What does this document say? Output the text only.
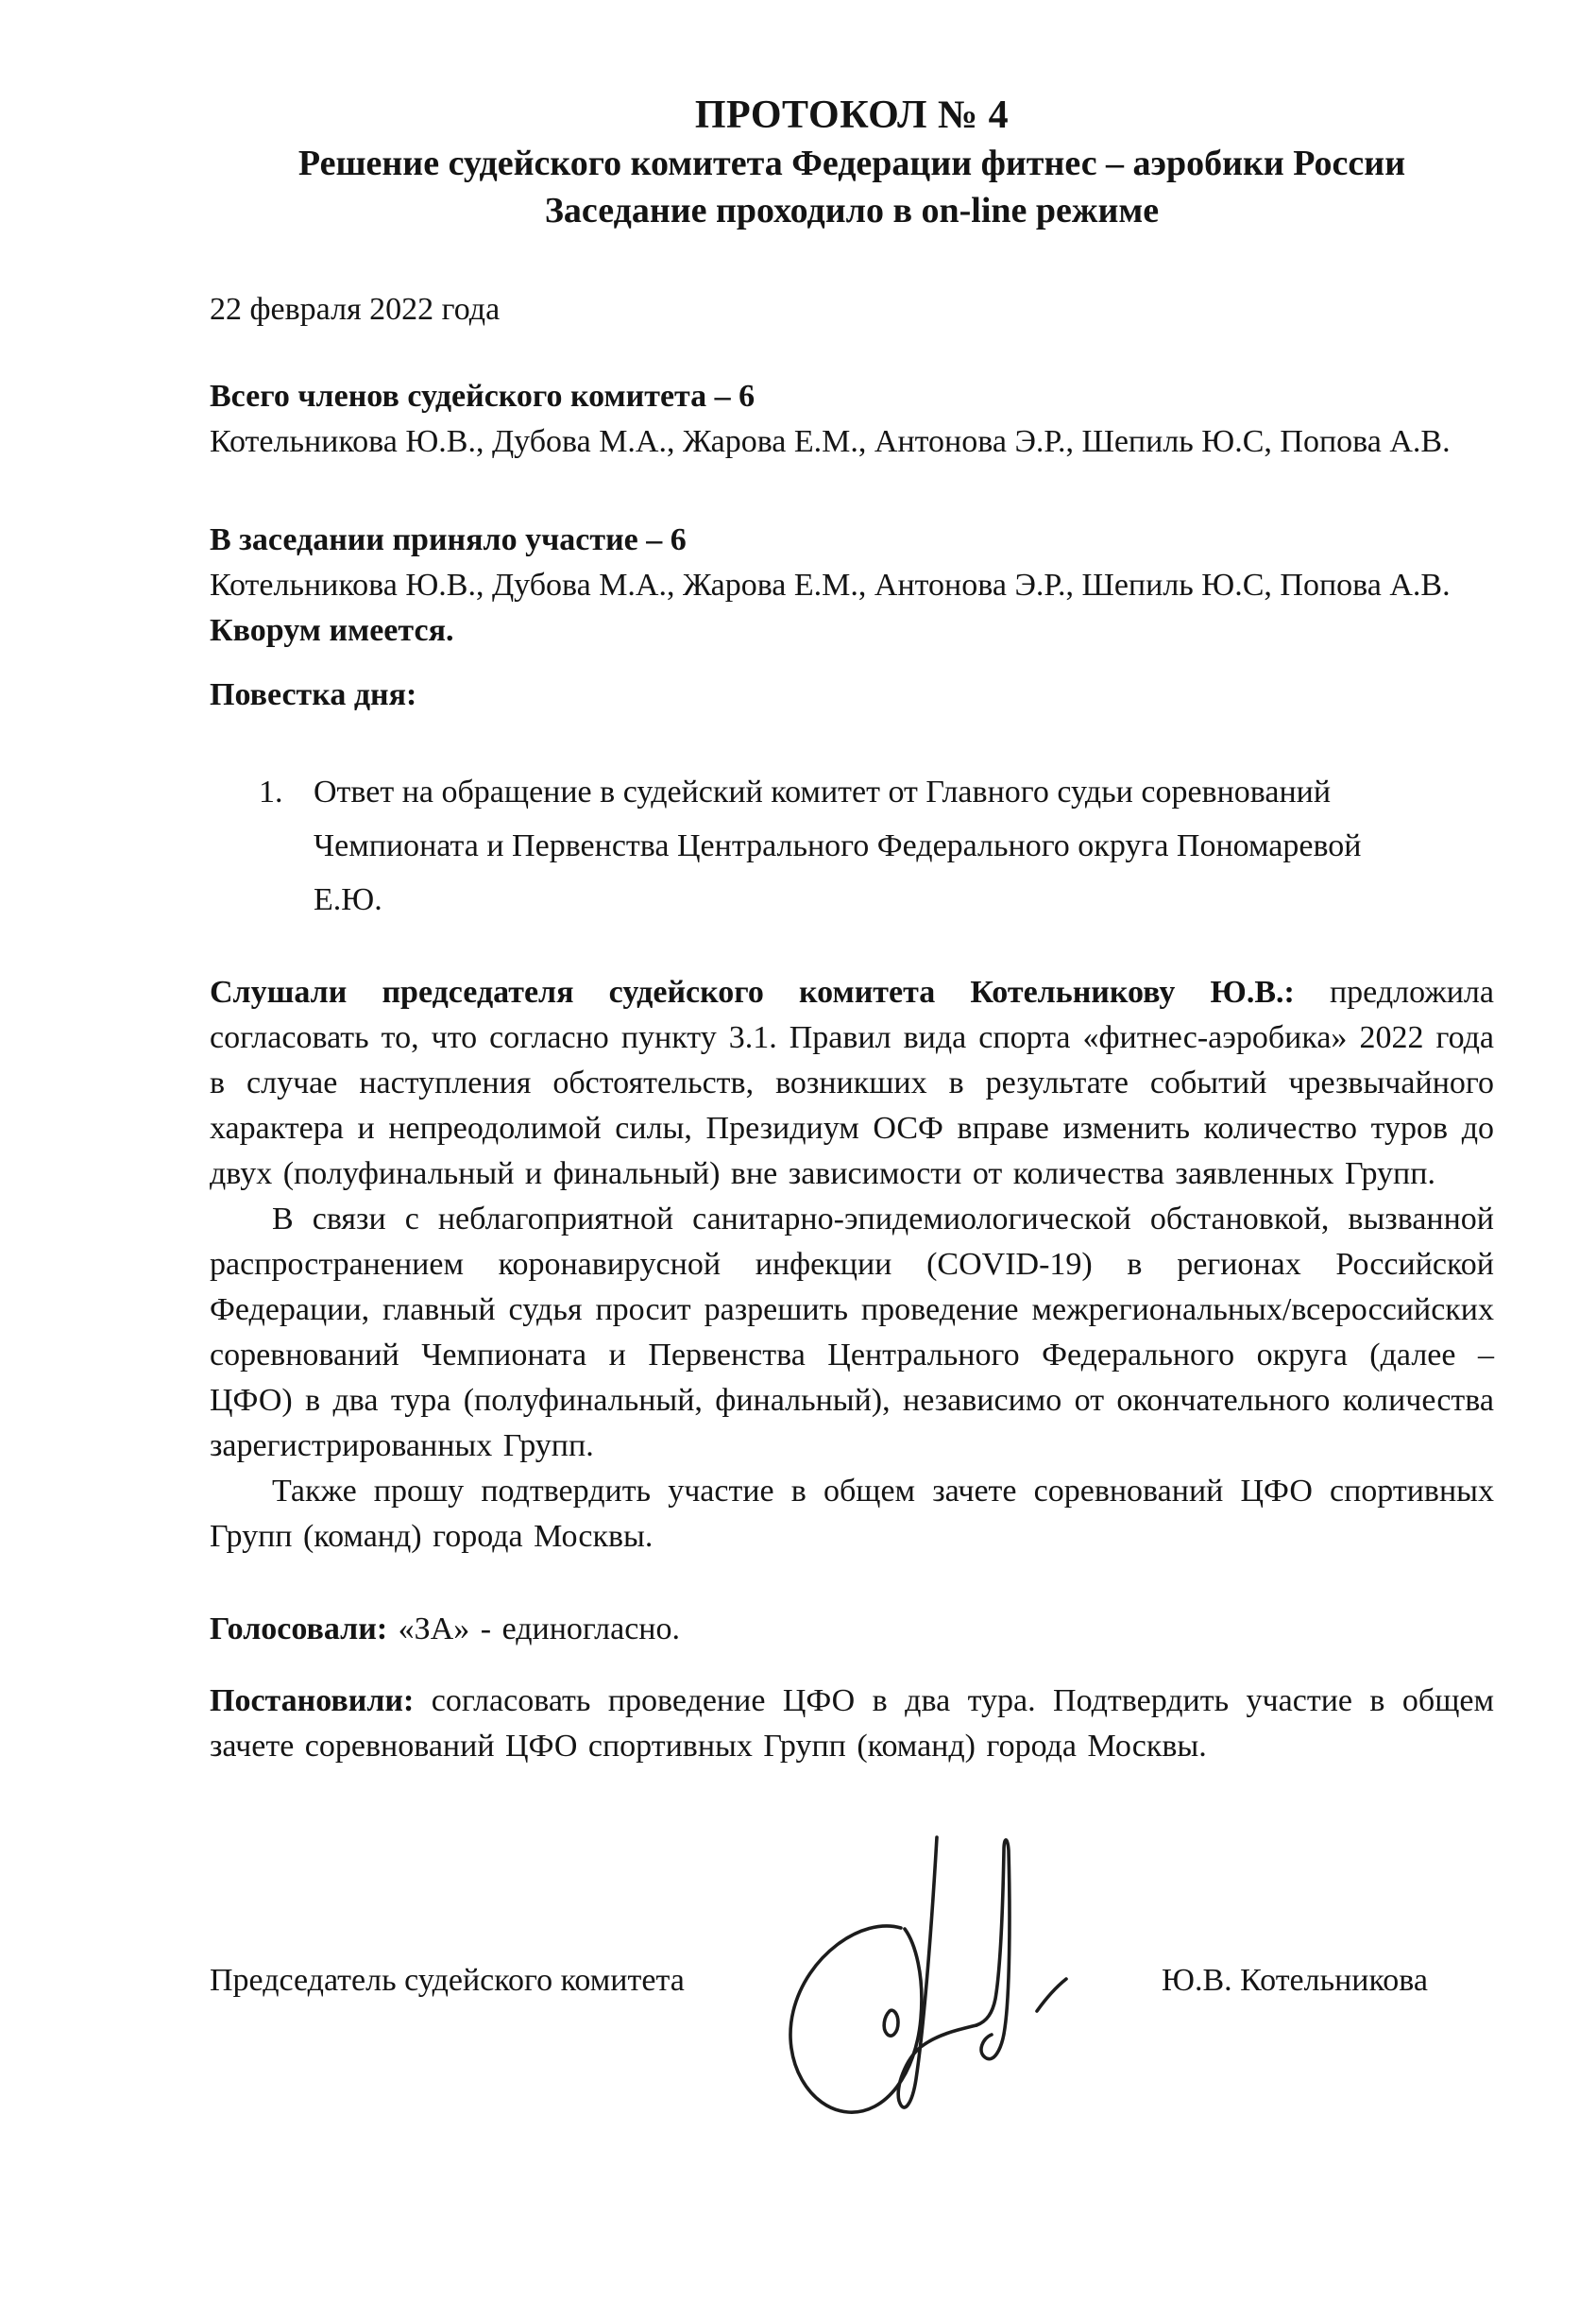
ПРОТОКОЛ № 4

Решение судейского комитета Федерации фитнес – аэробики России

Заседание проходило в on-line режиме

22 февраля 2022 года

Всего членов судейского комитета – 6

Котельникова Ю.В., Дубова М.А., Жарова Е.М., Антонова Э.Р., Шепиль Ю.С, Попова А.В.

В заседании приняло участие – 6

Котельникова Ю.В., Дубова М.А., Жарова Е.М., Антонова Э.Р., Шепиль Ю.С, Попова А.В.

Кворум имеется.

Повестка дня:

1. Ответ на обращение в судейский комитет от Главного судьи соревнований Чемпионата и Первенства Центрального Федерального округа Пономаревой Е.Ю.

Слушали председателя судейского комитета Котельникову Ю.В.: предложила согласовать то, что согласно пункту 3.1. Правил вида спорта «фитнес-аэробика» 2022 года в случае наступления обстоятельств, возникших в результате событий чрезвычайного характера и непреодолимой силы, Президиум ОСФ вправе изменить количество туров до двух (полуфинальный и финальный) вне зависимости от количества заявленных Групп.

В связи с неблагоприятной санитарно-эпидемиологической обстановкой, вызванной распространением коронавирусной инфекции (COVID-19) в регионах Российской Федерации, главный судья просит разрешить проведение межрегиональных/всероссийских соревнований Чемпионата и Первенства Центрального Федерального округа (далее – ЦФО) в два тура (полуфинальный, финальный), независимо от окончательного количества зарегистрированных Групп.

Также прошу подтвердить участие в общем зачете соревнований ЦФО спортивных Групп (команд) города Москвы.

Голосовали: «ЗА» - единогласно.

Постановили: согласовать проведение ЦФО в два тура. Подтвердить участие в общем зачете соревнований ЦФО спортивных Групп (команд) города Москвы.

Председатель судейского комитета	Ю.В. Котельникова
